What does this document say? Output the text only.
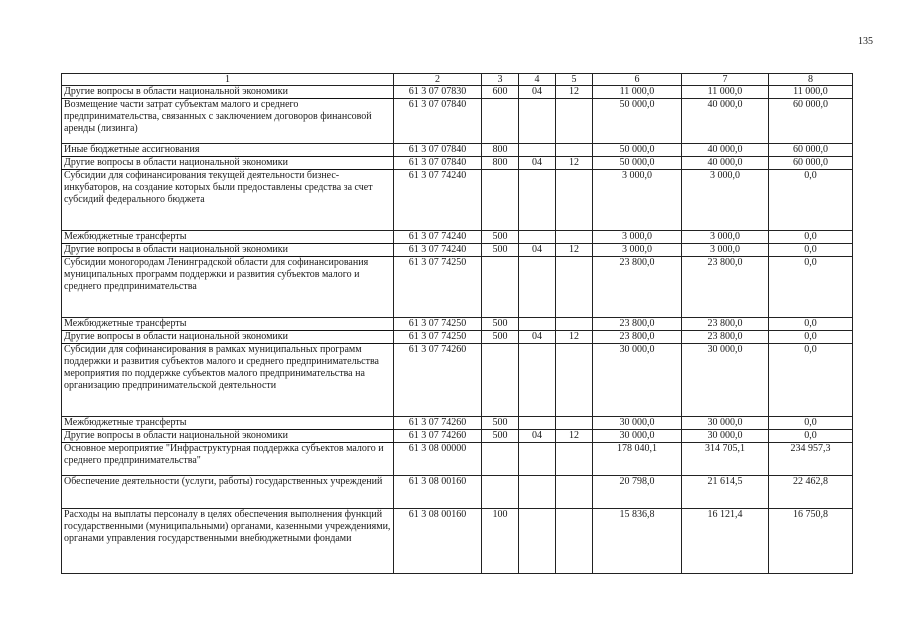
135
1	2	3	4	5	6	7	8
Другие вопросы в области национальной экономики	61 3 07 07830	600	04	12	11 000,0	11 000,0	11 000,0
Возмещение части затрат субъектам малого и среднего предпринимательства, связанных с заключением договоров финансовой аренды (лизинга)	61 3 07 07840				50 000,0	40 000,0	60 000,0
Иные бюджетные ассигнования	61 3 07 07840	800			50 000,0	40 000,0	60 000,0
Другие вопросы в области национальной экономики	61 3 07 07840	800	04	12	50 000,0	40 000,0	60 000,0
Субсидии для софинансирования текущей деятельности бизнес-инкубаторов, на создание которых были предоставлены средства за счет субсидий федерального бюджета	61 3 07 74240				3 000,0	3 000,0	0,0
Межбюджетные трансферты	61 3 07 74240	500			3 000,0	3 000,0	0,0
Другие вопросы в области национальной экономики	61 3 07 74240	500	04	12	3 000,0	3 000,0	0,0
Субсидии моногородам Ленинградской области для софинансирования муниципальных программ поддержки и развития субъектов малого и среднего предпринимательства	61 3 07 74250				23 800,0	23 800,0	0,0
Межбюджетные трансферты	61 3 07 74250	500			23 800,0	23 800,0	0,0
Другие вопросы в области национальной экономики	61 3 07 74250	500	04	12	23 800,0	23 800,0	0,0
Субсидии для софинансирования в рамках муниципальных программ поддержки и развития субъектов малого и среднего предпринимательства мероприятия по поддержке субъектов малого предпринимательства на организацию предпринимательской деятельности	61 3 07 74260				30 000,0	30 000,0	0,0
Межбюджетные трансферты	61 3 07 74260	500			30 000,0	30 000,0	0,0
Другие вопросы в области национальной экономики	61 3 07 74260	500	04	12	30 000,0	30 000,0	0,0
Основное мероприятие "Инфраструктурная поддержка субъектов малого и среднего предпринимательства"	61 3 08 00000				178 040,1	314 705,1	234 957,3
Обеспечение деятельности (услуги, работы) государственных учреждений	61 3 08 00160				20 798,0	21 614,5	22 462,8
Расходы на выплаты персоналу в целях обеспечения выполнения функций государственными (муниципальными) органами, казенными учреждениями, органами управления государственными внебюджетными фондами	61 3 08 00160	100			15 836,8	16 121,4	16 750,8
